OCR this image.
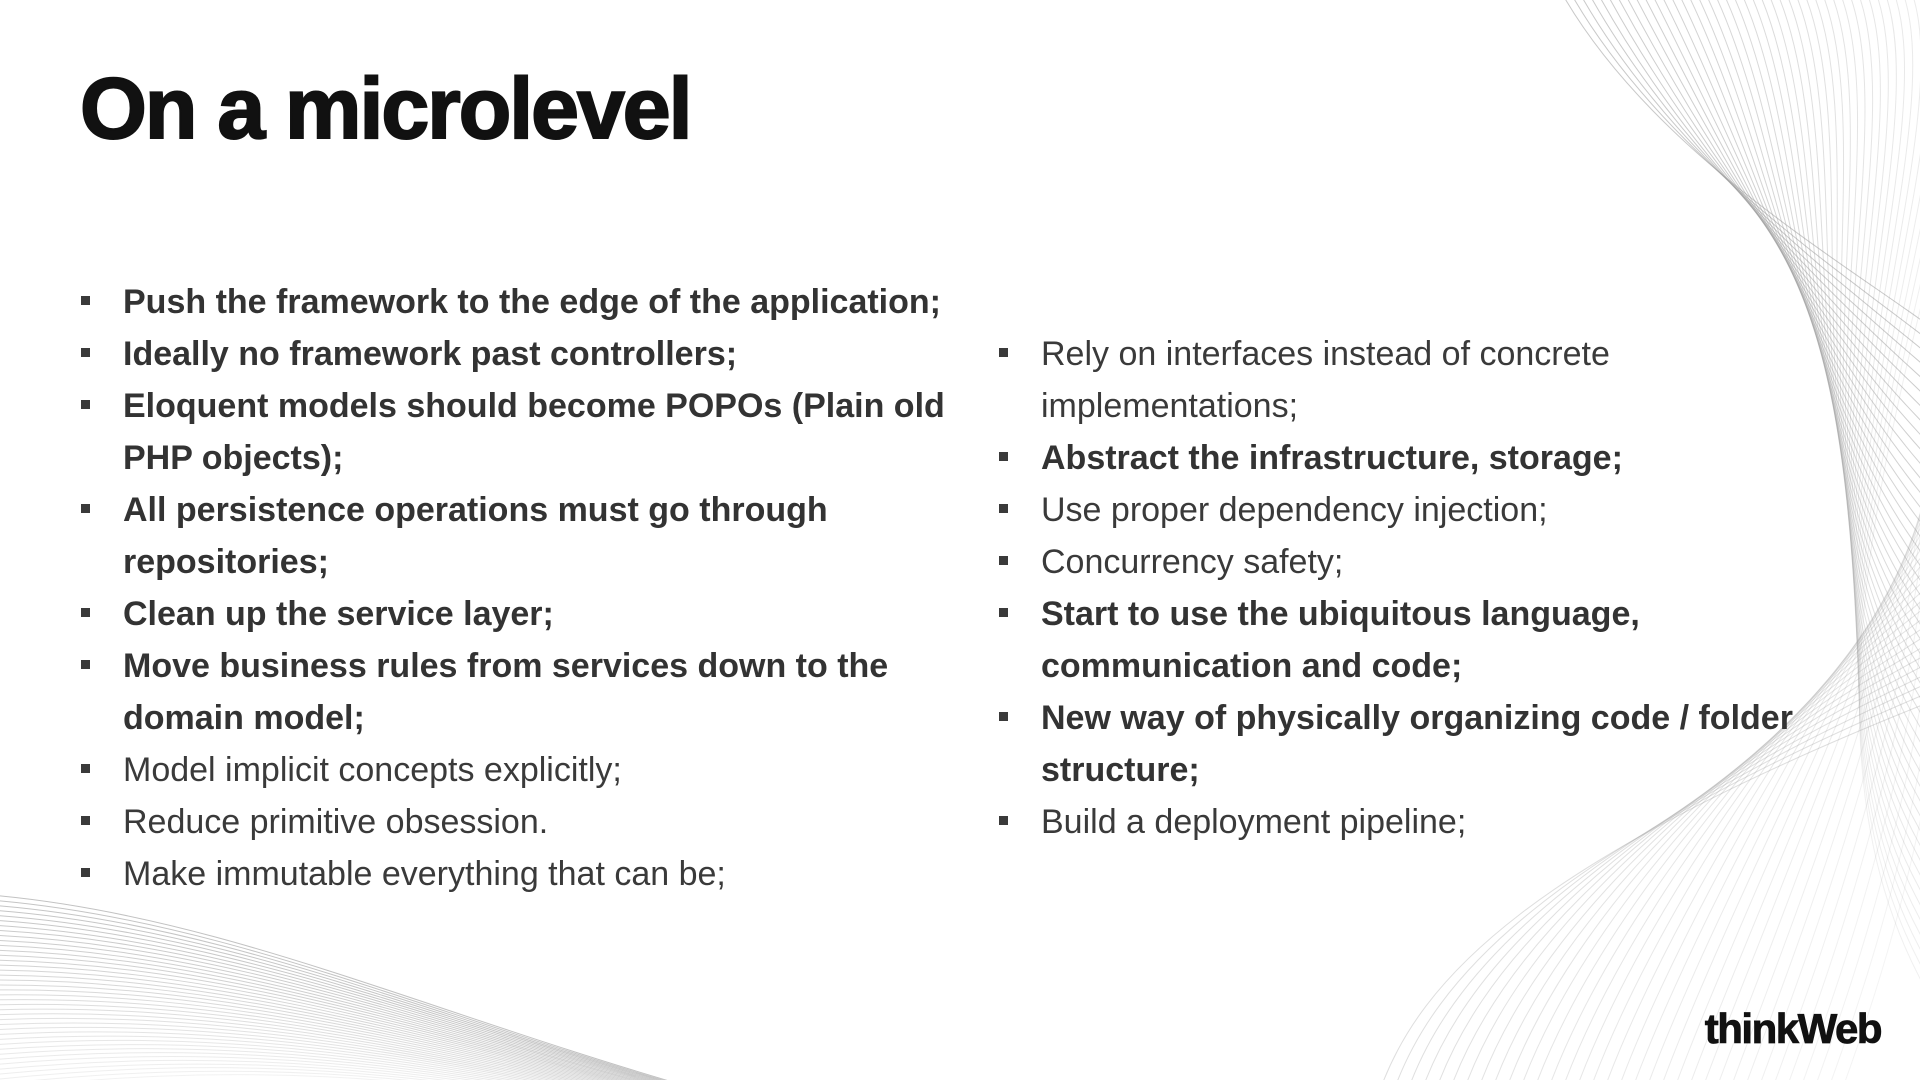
On a microlevel
Push the framework to the edge of the application;
Ideally no framework past controllers;
Eloquent models should become POPOs (Plain old PHP objects);
All persistence operations must go through repositories;
Clean up the service layer;
Move business rules from services down to the domain model;
Model implicit concepts explicitly;
Reduce primitive obsession.
Make immutable everything that can be;
Rely on interfaces instead of concrete implementations;
Abstract the infrastructure, storage;
Use proper dependency injection;
Concurrency safety;
Start to use the ubiquitous language, communication and code;
New way of physically organizing code / folder structure;
Build a deployment pipeline;
thinkWeb
